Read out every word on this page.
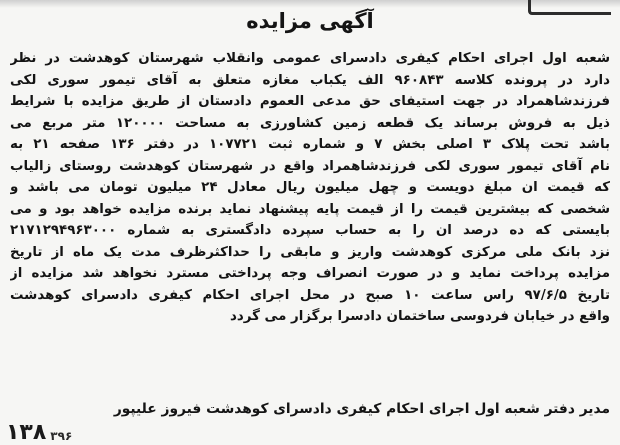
آگهی مزایده
شعبه اول اجرای احکام کیفری دادسرای عمومی وانقلاب شهرستان کوهدشت در نظر
دارد در پرونده کلاسه ۹۶۰۸۴۳ الف یکباب مغازه متعلق به آقای تیمور سوری لکی
فرزندشاهمراد در جهت استیفای حق مدعی العموم دادستان از طریق مزایده با شرایط
ذیل به فروش برساند یک قطعه زمین کشاورزی به مساحت ۱۲۰۰۰۰ متر مربع می
باشد تحت پلاک ۳ اصلی بخش ۷ و شماره ثبت ۱۰۷۷۲۱ در دفتر ۱۳۶ صفحه ۲۱ به
نام آقای تیمور سوری لکی فرزندشاهمراد واقع در شهرستان کوهدشت روستای زالیاب
که قیمت ان مبلغ دویست و چهل میلیون ریال معادل ۲۴ میلیون تومان می باشد و
شخصی که بیشترین قیمت را از قیمت پایه پیشنهاد نماید برنده مزایده خواهد بود و می
بایستی که ده درصد ان را به حساب سپرده دادگستری به شماره ۲۱۷۱۲۹۴۹۶۳۰۰۰
نزد بانک ملی مرکزی کوهدشت واریز و مابقی را حداکثرظرف مدت یک ماه از تاریخ
مزایده پرداخت نماید و در صورت انصراف وجه پرداختی مسترد نخواهد شد مزایده از
تاریخ ۹۷/۶/۵ راس ساعت ۱۰ صبح در محل اجرای احکام کیفری دادسرای کوهدشت
واقع در خیابان فردوسی ساختمان دادسرا برگزار می گردد
مدیر دفتر شعبه اول اجرای احکام کیفری دادسرای کوهدشت فیروز علیپور
۱۳۸ ۳۹۶
